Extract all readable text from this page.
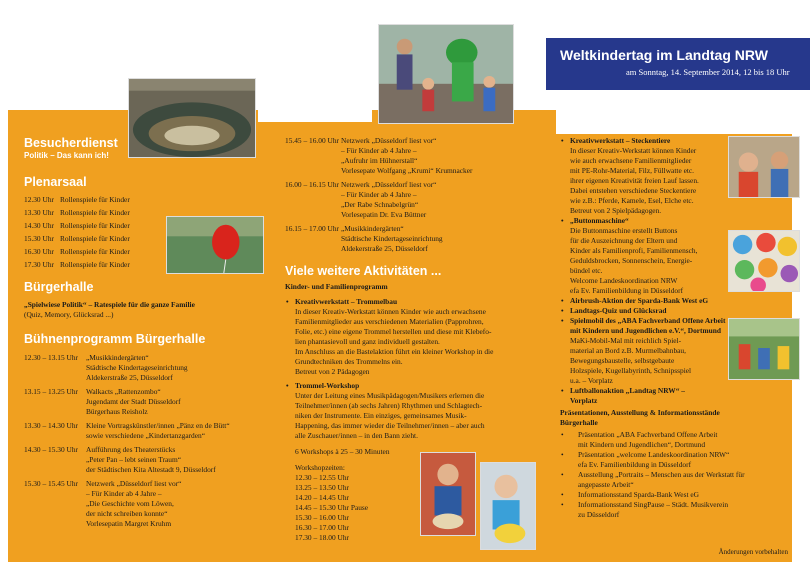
Weltkindertag im Landtag NRW

am Sonntag, 14. September 2014, 12 bis 18 Uhr

Besucherdienst
Politik – Das kann ich!
Plenarsaal
12.30 Uhr Rollenspiele für Kinder
13.30 Uhr Rollenspiele für Kinder
14.30 Uhr Rollenspiele für Kinder
15.30 Uhr Rollenspiele für Kinder
16.30 Uhr Rollenspiele für Kinder
17.30 Uhr Rollenspiele für Kinder
Bürgerhalle
„Spielwiese Politik“ – Ratespiele für die ganze Familie
(Quiz, Memory, Glücksrad ...)
Bühnenprogramm Bürgerhalle
12.30 – 13.15 Uhr	„Musikkindergärten“
Städtische Kindertageseinrichtung
Aldekerstraße 25, Düsseldorf
13.15 – 13.25 Uhr	Walkacts „Rattenzombo“
Jugendamt der Stadt Düsseldorf
Bürgerhaus Reisholz
13.30 – 14.30 Uhr	Kleine Vortragskünstler/innen „Pänz en de Bütt“
sowie verschiedene „Kindertanzgarden“
14.30 – 15.30 Uhr	Aufführung des Theaterstücks
„Peter Pan – lebt seinen Traum“
der Städtischen Kita Altestadt 9, Düsseldorf
15.30 – 15.45 Uhr	Netzwerk „Düsseldorf liest vor“
– Für Kinder ab 4 Jahre –
„Die Geschichte vom Löwen,
der nicht schreiben konnte“
Vorlesepatin Margret Kruhm
15.45 – 16.00 Uhr Netzwerk „Düsseldorf liest vor“
– Für Kinder ab 4 Jahre –
„Aufruhr im Hühnerstall“
Vorlesepate Wolfgang „Krumi“ Krumnacker
16.00 – 16.15 Uhr Netzwerk „Düsseldorf liest vor“
– Für Kinder ab 4 Jahre –
„Der Rabe Schnabelgrün“
Vorlesepatin Dr. Eva Büttner
16.15 – 17.00 Uhr „Musikkindergärten“
Städtische Kindertageseinrichtung
Aldekerstraße 25, Düsseldorf
Viele weitere Aktivitäten ...
Kinder- und Familienprogramm
• Kreativwerkstatt – Trommelbau
In dieser Kreativ-Werkstatt können Kinder wie auch erwachsene
Familienmitglieder aus verschiedenen Materialien (Papprohren,
Folie, etc.) eine eigene Trommel herstellen und diese mit Klebefo-
lien phantasievoll und ganz individuell gestalten.
Im Anschluss an die Bastelaktion führt ein kleiner Workshop in die
Grundtechniken des Trommelns ein.
Betreut von 2 Pädagogen
• Trommel-Workshop
Unter der Leitung eines Musikpädagogen/Musikers erlernen die
Teilnehmer/innen (ab sechs Jahren) Rhythmen und Schlagtech-
niken der Instrumente. Ein einziges, gemeinsames Musik-
Happening, das immer wieder die Teilnehmer/innen – aber auch
alle Zuschauer/innen – in den Bann zieht.
6 Workshops à 25 – 30 Minuten
Workshopzeiten:
12.30 – 12.55 Uhr
13.25 – 13.50 Uhr
14.20 – 14.45 Uhr
14.45 – 15.30 Uhr Pause
15.30 – 16.00 Uhr
16.30 – 17.00 Uhr
17.30 – 18.00 Uhr
• Kreativwerkstatt – Steckentiere
In dieser Kreativ-Werkstatt können Kinder
wie auch erwachsene Familienmitglieder
mit PE-Rohr-Material, Filz, Füllwatte etc.
ihrer eigenen Kreativität freien Lauf lassen.
Dabei entstehen verschiedene Steckentiere
wie z.B.: Pferde, Kamele, Esel, Elche etc.
Betreut von 2 Spielpädagogen.
• „Buttonmaschine“
Die Buttonmaschine erstellt Buttons
für die Auszeichnung der Eltern und
Kinder als Familienprofi, Familienmensch,
Geduldsbrocken, Sonnenschein, Energie-
bündel etc.
Welcome Landeskoordination NRW
efa Ev. Familienbildung in Düsseldorf
• Airbrush-Aktion der Sparda-Bank West eG
• Landtags-Quiz und Glücksrad
• Spielmobil des „ABA Fachverband Offene Arbeit
mit Kindern und Jugendlichen e.V.“, Dortmund
MaKi-Mobil-Mal mit reichlich Spiel-
material an Bord z.B. Murmelbahnbau,
Bewegungsbaustelle, selbstgebaute
Holzspiele, Kugellabyrinth, Schnipsspiel
u.a. – Vorplatz
• Luftballonaktion „Landtag NRW“ –
Vorplatz
Präsentationen, Ausstellung & Informationsstände
Bürgerhalle
• Präsentation „ABA Fachverband Offene Arbeit
mit Kindern und Jugendlichen“, Dortmund
• Präsentation „welcome Landeskoordination NRW“
efa Ev. Familienbildung in Düsseldorf
• Ausstellung „Portraits – Menschen aus der Werkstatt für
angepasste Arbeit“
• Informationsstand Sparda-Bank West eG
• Informationsstand SingPause – Städt. Musikverein
zu Düsseldorf
Änderungen vorbehalten
